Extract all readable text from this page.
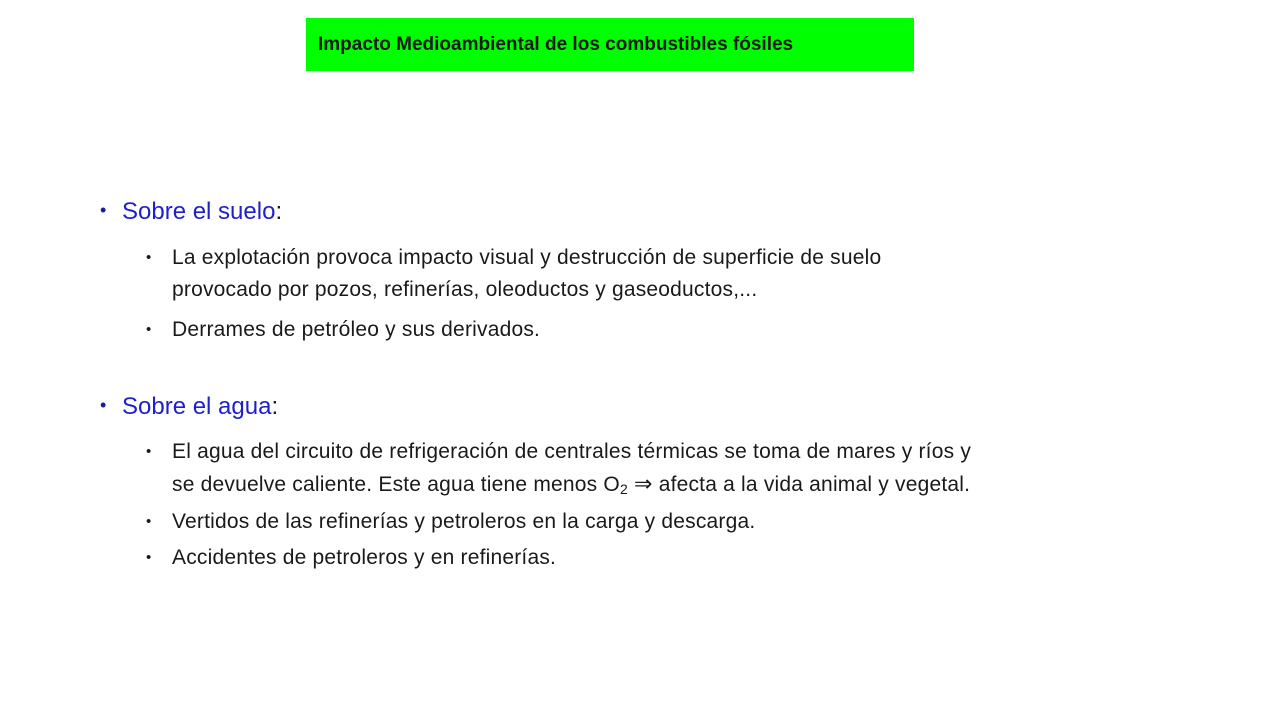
Impacto Medioambiental de los combustibles fósiles
• Sobre el suelo:
• La explotación provoca impacto visual y destrucción de superficie de suelo
provocado por pozos, refinerías, oleoductos y gaseoductos,...
• Derrames de petróleo y sus derivados.
• Sobre el agua:
• El agua del circuito de refrigeración de centrales térmicas se toma de mares y ríos y
se devuelve caliente. Este agua tiene menos $O_2$ ⇒ afecta a la vida animal y vegetal.
• Vertidos de las refinerías y petroleros en la carga y descarga.
• Accidentes de petroleros y en refinerías.
